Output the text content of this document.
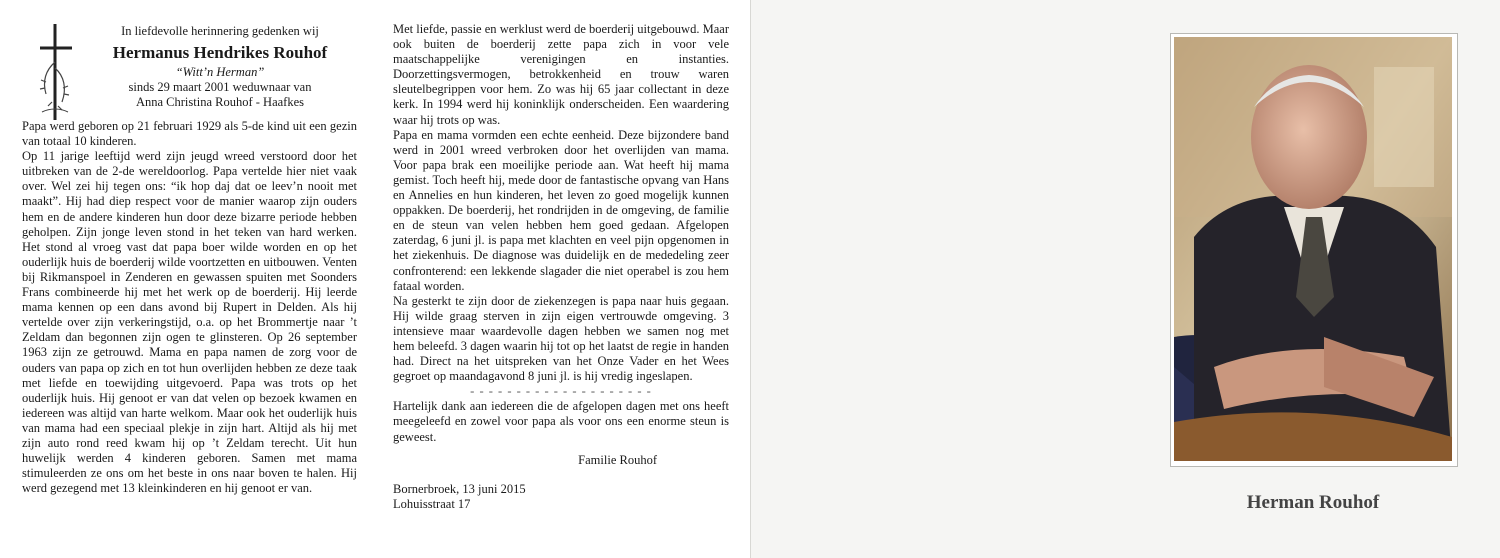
In liefdevolle herinnering gedenken wij
Hermanus Hendrikes Rouhof
“Witt’n Herman”
sinds 29 maart 2001 weduwnaar van
Anna Christina Rouhof - Haafkes

Papa werd geboren op 21 februari 1929 als 5-de kind uit een gezin van totaal 10 kinderen.

Op 11 jarige leeftijd werd zijn jeugd wreed verstoord door het uitbreken van de 2-de wereldoorlog. Papa vertelde hier niet vaak over. Wel zei hij tegen ons: “ik hop daj dat oe leev’n nooit met maakt”. Hij had diep respect voor de manier waarop zijn ouders hem en de andere kinderen hun door deze bizarre periode hebben geholpen. Zijn jonge leven stond in het teken van hard werken. Het stond al vroeg vast dat papa boer wilde worden en op het ouderlijk huis de boerderij wilde voortzetten en uitbouwen. Venten bij Rikmanspoel in Zenderen en gewassen spuiten met Soonders Frans combineerde hij met het werk op de boerderij. Hij leerde mama kennen op een dans avond bij Rupert in Delden. Als hij vertelde over zijn verkeringstijd, o.a. op het Brommertje naar ’t Zeldam dan begonnen zijn ogen te glinsteren. Op 26 september 1963 zijn ze getrouwd. Mama en papa namen de zorg voor de ouders van papa op zich en tot hun overlijden hebben ze deze taak met liefde en toewijding uitgevoerd. Papa was trots op het ouderlijk huis. Hij genoot er van dat velen op bezoek kwamen en iedereen was altijd van harte welkom. Maar ook het ouderlijk huis van mama had een speciaal plekje in zijn hart. Altijd als hij met zijn auto rond reed kwam hij op ’t Zeldam terecht. Uit hun huwelijk werden 4 kinderen geboren. Samen met mama stimuleerden ze ons om het beste in ons naar boven te halen. Hij werd gezegend met 13 kleinkinderen en hij genoot er van.

Met liefde, passie en werklust werd de boerderij uitgebouwd. Maar ook buiten de boerderij zette papa zich in voor vele maatschappelijke verenigingen en instanties. Doorzettingsvermogen, betrokkenheid en trouw waren sleutelbegrippen voor hem. Zo was hij 65 jaar collectant in deze kerk. In 1994 werd hij koninklijk onderscheiden. Een waardering waar hij trots op was.

Papa en mama vormden een echte eenheid. Deze bijzondere band werd in 2001 wreed verbroken door het overlijden van mama. Voor papa brak een moeilijke periode aan. Wat heeft hij mama gemist. Toch heeft hij, mede door de fantastische opvang van Hans en Annelies en hun kinderen, het leven zo goed mogelijk kunnen oppakken. De boerderij, het rondrijden in de omgeving, de familie en de steun van velen hebben hem goed gedaan. Afgelopen zaterdag, 6 juni jl. is papa met klachten en veel pijn opgenomen in het ziekenhuis. De diagnose was duidelijk en de mededeling zeer confronterend: een lekkende slagader die niet operabel is zou hem fataal worden.

Na gesterkt te zijn door de ziekenzegen is papa naar huis gegaan. Hij wilde graag sterven in zijn eigen vertrouwde omgeving. 3 intensieve maar waardevolle dagen hebben we samen nog met hem beleefd. 3 dagen waarin hij tot op het laatst de regie in handen had. Direct na het uitspreken van het Onze Vader en het Wees gegroet op maandagavond 8 juni jl. is hij vredig ingeslapen.

- - - - - - - - - - - - - - - - - - - -

Hartelijk dank aan iedereen die de afgelopen dagen met ons heeft meegeleefd en zowel voor papa als voor ons een enorme steun is geweest.

Familie Rouhof

Bornerbroek, 13 juni 2015

Lohuisstraat 17	Herman Rouhof
